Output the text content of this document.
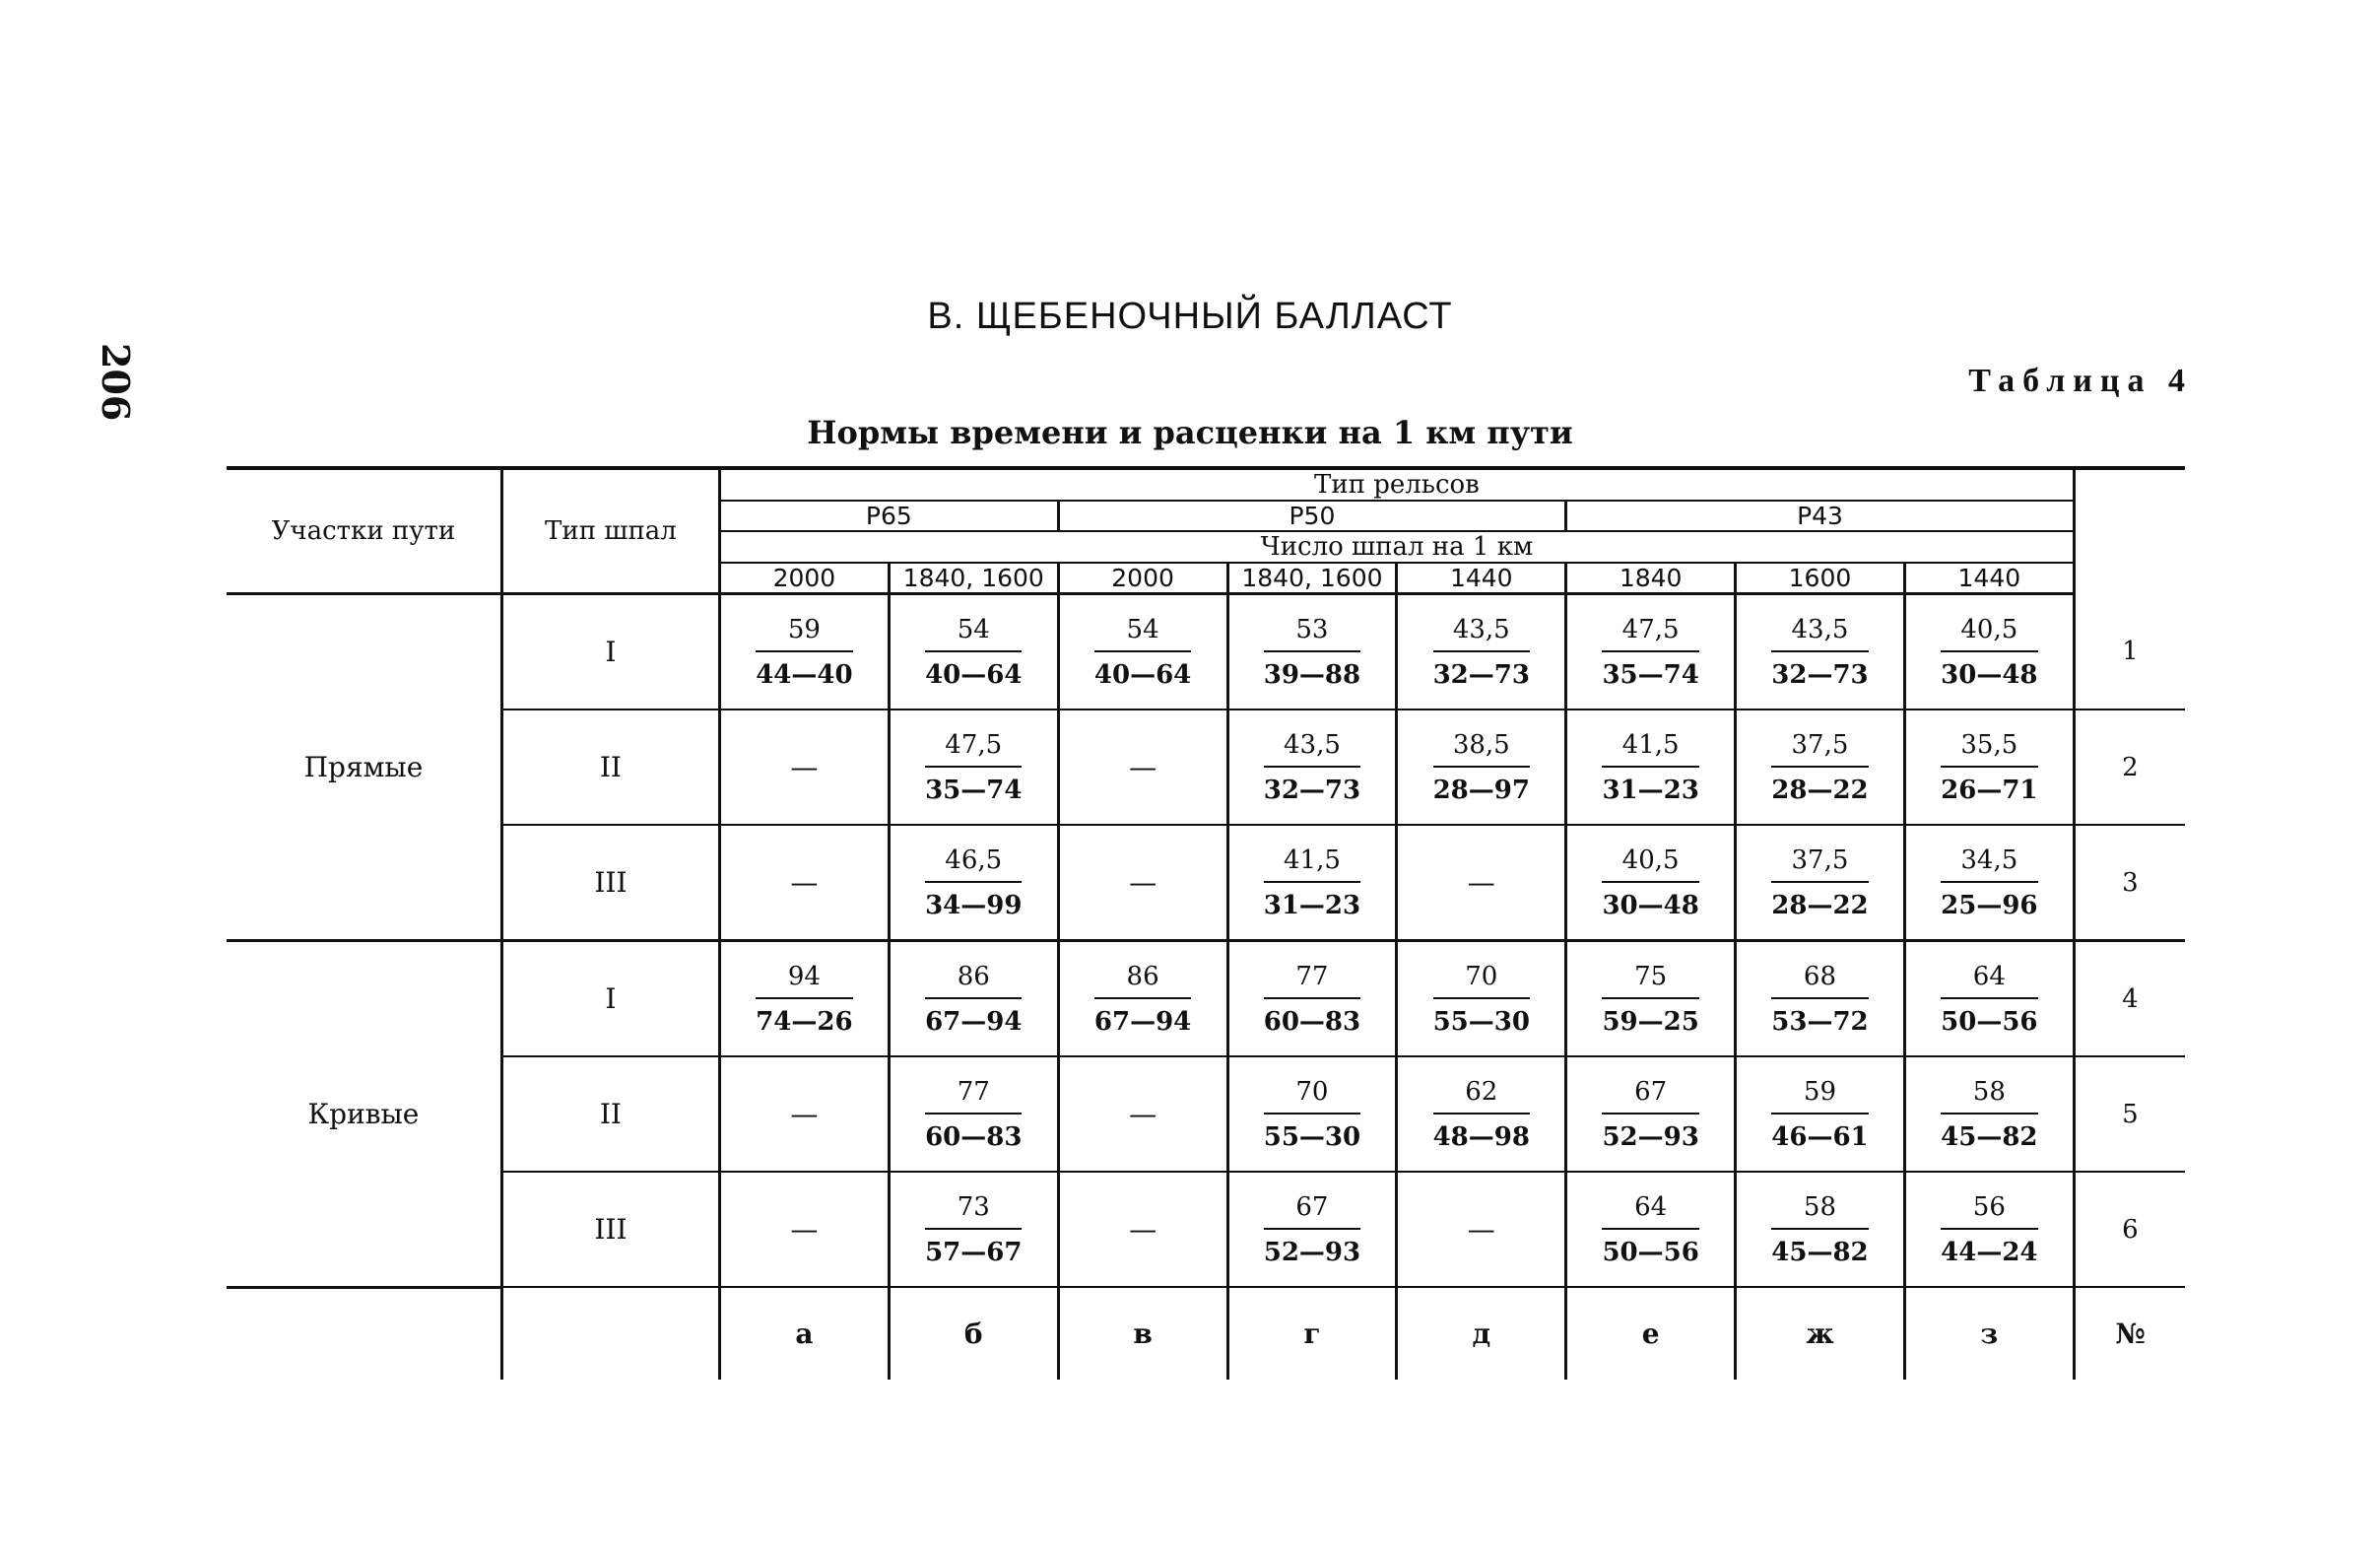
206
В. ЩЕБЕНОЧНЫЙ БАЛЛАСТ
Таблица 4
Нормы времени и расценки на 1 км пути
Участки пути	Тип шпал	Тип рельсов								
		Р65		Р50			Р43			
		Число шпал на 1 км								
		2000	1840, 1600	2000	1840, 1600	1440	1840	1600	1440	
Прямые	I	$\frac{59}{44—40}$	$\frac{54}{40—64}$	$\frac{54}{40—64}$	$\frac{53}{39—88}$	$\frac{43,5}{32—73}$	$\frac{47,5}{35—74}$	$\frac{43,5}{32—73}$	$\frac{40,5}{30—48}$	1
	II	—	$\frac{47,5}{35—74}$	—	$\frac{43,5}{32—73}$	$\frac{38,5}{28—97}$	$\frac{41,5}{31—23}$	$\frac{37,5}{28—22}$	$\frac{35,5}{26—71}$	2
	III	—	$\frac{46,5}{34—99}$	—	$\frac{41,5}{31—23}$	—	$\frac{40,5}{30—48}$	$\frac{37,5}{28—22}$	$\frac{34,5}{25—96}$	3
Кривые	I	$\frac{94}{74—26}$	$\frac{86}{67—94}$	$\frac{86}{67—94}$	$\frac{77}{60—83}$	$\frac{70}{55—30}$	$\frac{75}{59—25}$	$\frac{68}{53—72}$	$\frac{64}{50—56}$	4
	II	—	$\frac{77}{60—83}$	—	$\frac{70}{55—30}$	$\frac{62}{48—98}$	$\frac{67}{52—93}$	$\frac{59}{46—61}$	$\frac{58}{45—82}$	5
	III	—	$\frac{73}{57—67}$	—	$\frac{67}{52—93}$	—	$\frac{64}{50—56}$	$\frac{58}{45—82}$	$\frac{56}{44—24}$	6
		а	б	в	г	д	е	ж	з	№
